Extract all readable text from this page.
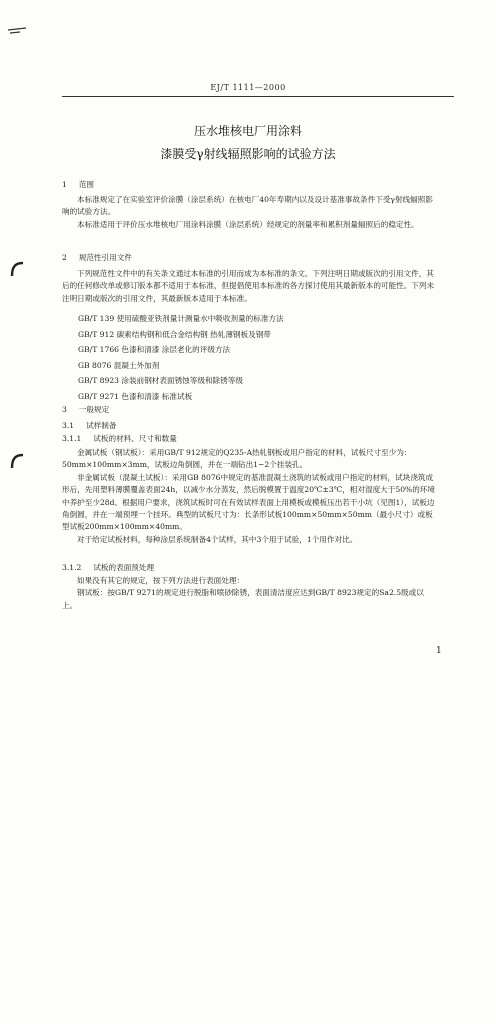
EJ/T 1111—2000
压水堆核电厂用涂料
漆膜受γ射线辐照影响的试验方法
1 范围

本标准规定了在实验室评价涂膜（涂层系统）在核电厂40年寿期内以及设计基准事故条件下受γ射线辐照影响的试验方法。

本标准适用于评价压水堆核电厂用涂料涂膜（涂层系统）经规定的剂量率和累积剂量辐照后的稳定性。

2 规范性引用文件

下列规范性文件中的有关条文通过本标准的引用而成为本标准的条文。下列注明日期或版次的引用文件，其后的任何修改单或修订版本都不适用于本标准，但提倡使用本标准的各方探讨使用其最新版本的可能性。下列未注明日期或版次的引用文件，其最新版本适用于本标准。

GB/T 139 使用硫酸亚铁剂量计测量水中吸收剂量的标准方法
GB/T 912 碳素结构钢和低合金结构钢 热轧薄钢板及钢带
GB/T 1766 色漆和清漆 涂层老化的评级方法
GB 8076 混凝土外加剂
GB/T 8923 涂装前钢材表面锈蚀等级和除锈等级
GB/T 9271 色漆和清漆 标准试板
3 一般规定
3.1 试样制备
3.1.1 试板的材料、尺寸和数量

金属试板（钢试板）：采用GB/T 912规定的Q235-A热轧钢板或用户指定的材料，试板尺寸至少为：50mm×100mm×3mm，试板边角倒圆，并在一端钻出1~2个挂装孔。

非金属试板（混凝土试板）：采用GB 8076中规定的基准混凝土浇筑的试板或用户指定的材料，试块浇筑成形后，先用塑料薄膜覆盖表面24h，以减少水分蒸发，然后脱模置于温度20℃±3℃，相对湿度大于50%的环境中养护至少28d。根据用户要求，浇筑试板时可在有效试样表面上用模板或模板压出若干小坑（见图1），试板边角倒圆，并在一端预埋一个挂环。典型的试板尺寸为：长条形试板100mm×50mm×50mm（最小尺寸）或板型试板200mm×100mm×40mm。

对于给定试板材料，每种涂层系统制备4个试样，其中3个用于试验，1个用作对比。

3.1.2 试板的表面预处理

如果没有其它的规定，按下列方法进行表面处理：

钢试板：按GB/T 9271的规定进行脱脂和喷砂除锈，表面清洁度应达到GB/T 8923规定的Sa2.5级或以上。

1
